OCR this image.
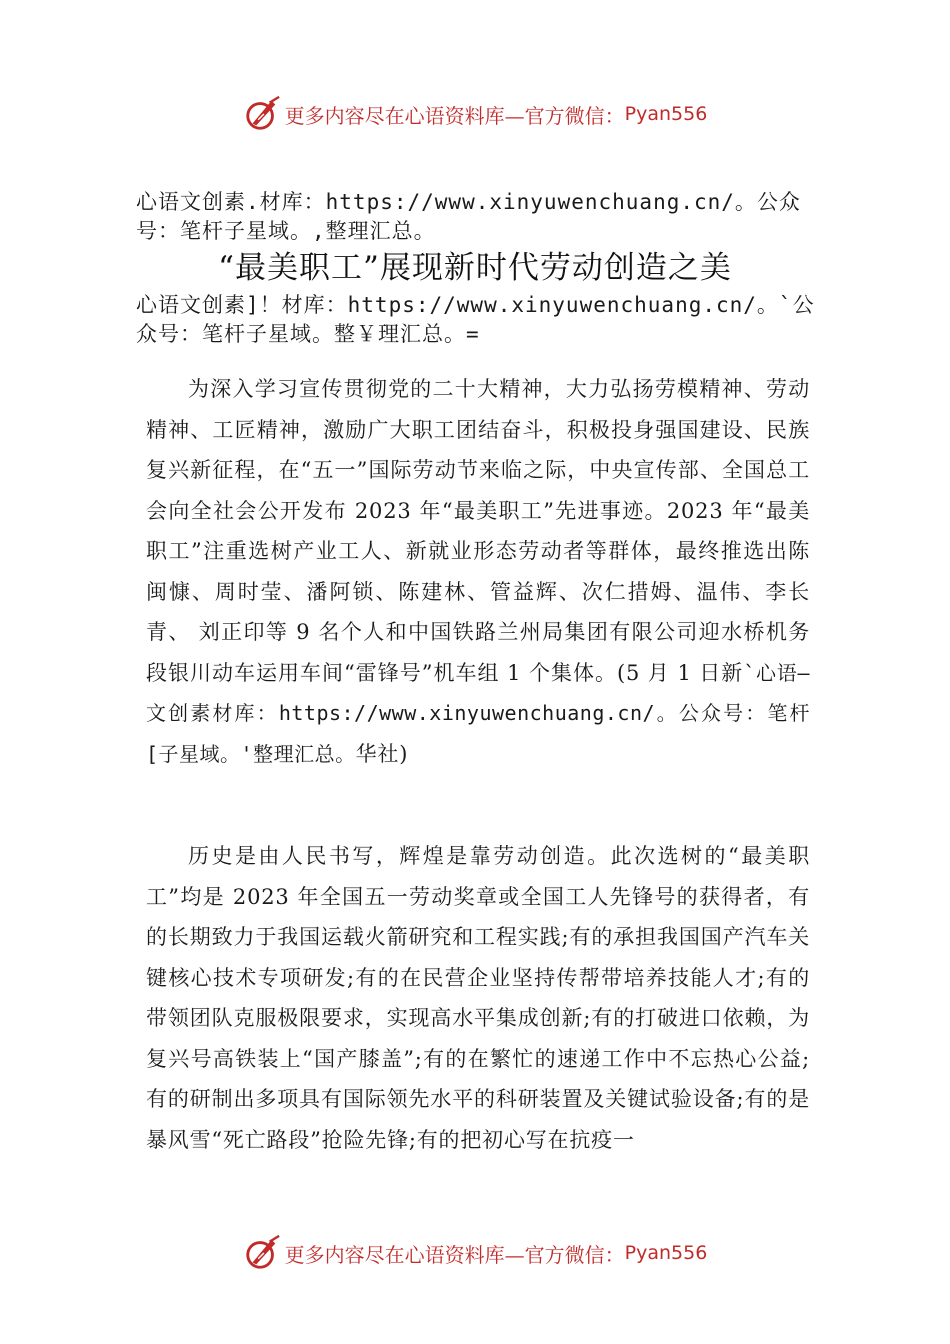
更多内容尽在心语资料库—官方微信： Pyan556
心语文创素.材库：https://www.xinyuwenchuang.cn/。公众号：笔杆子星域。,整理汇总。
“最美职工”展现新时代劳动创造之美
心语文创素]！材库：https://www.xinyuwenchuang.cn/。`公众号：笔杆子星域。整￥理汇总。=

为深入学习宣传贯彻党的二十大精神，大力弘扬劳模精神、劳动精神、工匠精神，激励广大职工团结奋斗，积极投身强国建设、民族复兴新征程，在“五一”国际劳动节来临之际，中央宣传部、全国总工会向全社会公开发布 2023 年“最美职工”先进事迹。2023 年“最美职工”注重选树产业工人、新就业形态劳动者等群体，最终推选出陈闽慷、周时莹、潘阿锁、陈建林、管益辉、次仁措姆、温伟、李长青、 刘正印等 9 名个人和中国铁路兰州局集团有限公司迎水桥机务段银川动车运用车间“雷锋号”机车组 1 个集体。(5 月 1 日新`心语—文创素材库：https://www.xinyuwenchuang.cn/。公众号：笔杆[子星域。'整理汇总。华社)

历史是由人民书写，辉煌是靠劳动创造。此次选树的“最美职工”均是 2023 年全国五一劳动奖章或全国工人先锋号的获得者，有的长期致力于我国运载火箭研究和工程实践;有的承担我国国产汽车关键核心技术专项研发;有的在民营企业坚持传帮带培养技能人才;有的带领团队克服极限要求，实现高水平集成创新;有的打破进口依赖，为复兴号高铁装上“国产膝盖”;有的在繁忙的速递工作中不忘热心公益;有的研制出多项具有国际领先水平的科研装置及关键试验设备;有的是暴风雪“死亡路段”抢险先锋;有的把初心写在抗疫一

更多内容尽在心语资料库—官方微信： Pyan556
